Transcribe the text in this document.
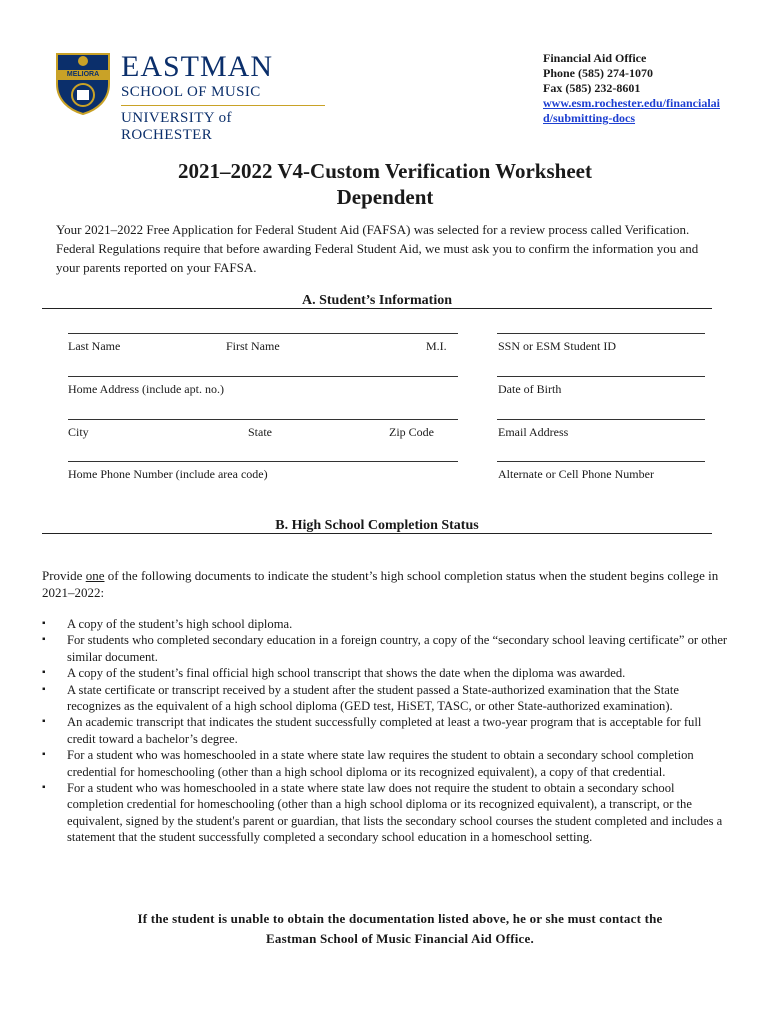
MELIORA EASTMAN
SCHOOL OF MUSIC
UNIVERSITY of ROCHESTER
Financial Aid Office
Phone (585) 274-1070
Fax (585) 232-8601
www.esm.rochester.edu/financialai
d/submitting-docs
2021–2022 V4-Custom Verification Worksheet
Dependent
Your 2021–2022 Free Application for Federal Student Aid (FAFSA) was selected for a review process called Verification. Federal Regulations require that before awarding Federal Student Aid, we must ask you to confirm the information you and your parents reported on your FAFSA.
A. Student’s Information
Last Name	First Name	M.I.	SSN or ESM Student ID
Home Address (include apt. no.)	Date of Birth
City	State	Zip Code	Email Address
Home Phone Number (include area code)	Alternate or Cell Phone Number
B. High School Completion Status
Provide one of the following documents to indicate the student’s high school completion status when the student begins college in 2021–2022:
▪ A copy of the student’s high school diploma.
▪ For students who completed secondary education in a foreign country, a copy of the “secondary school leaving certificate” or other similar document.
▪ A copy of the student’s final official high school transcript that shows the date when the diploma was awarded.
▪ A state certificate or transcript received by a student after the student passed a State-authorized examination that the State recognizes as the equivalent of a high school diploma (GED test, HiSET, TASC, or other State-authorized examination).
▪ An academic transcript that indicates the student successfully completed at least a two-year program that is acceptable for full credit toward a bachelor’s degree.
▪ For a student who was homeschooled in a state where state law requires the student to obtain a secondary school completion credential for homeschooling (other than a high school diploma or its recognized equivalent), a copy of that credential.
▪ For a student who was homeschooled in a state where state law does not require the student to obtain a secondary school completion credential for homeschooling (other than a high school diploma or its recognized equivalent), a transcript, or the equivalent, signed by the student's parent or guardian, that lists the secondary school courses the student completed and includes a statement that the student successfully completed a secondary school education in a homeschool setting.
If the student is unable to obtain the documentation listed above, he or she must contact the
Eastman School of Music Financial Aid Office.
